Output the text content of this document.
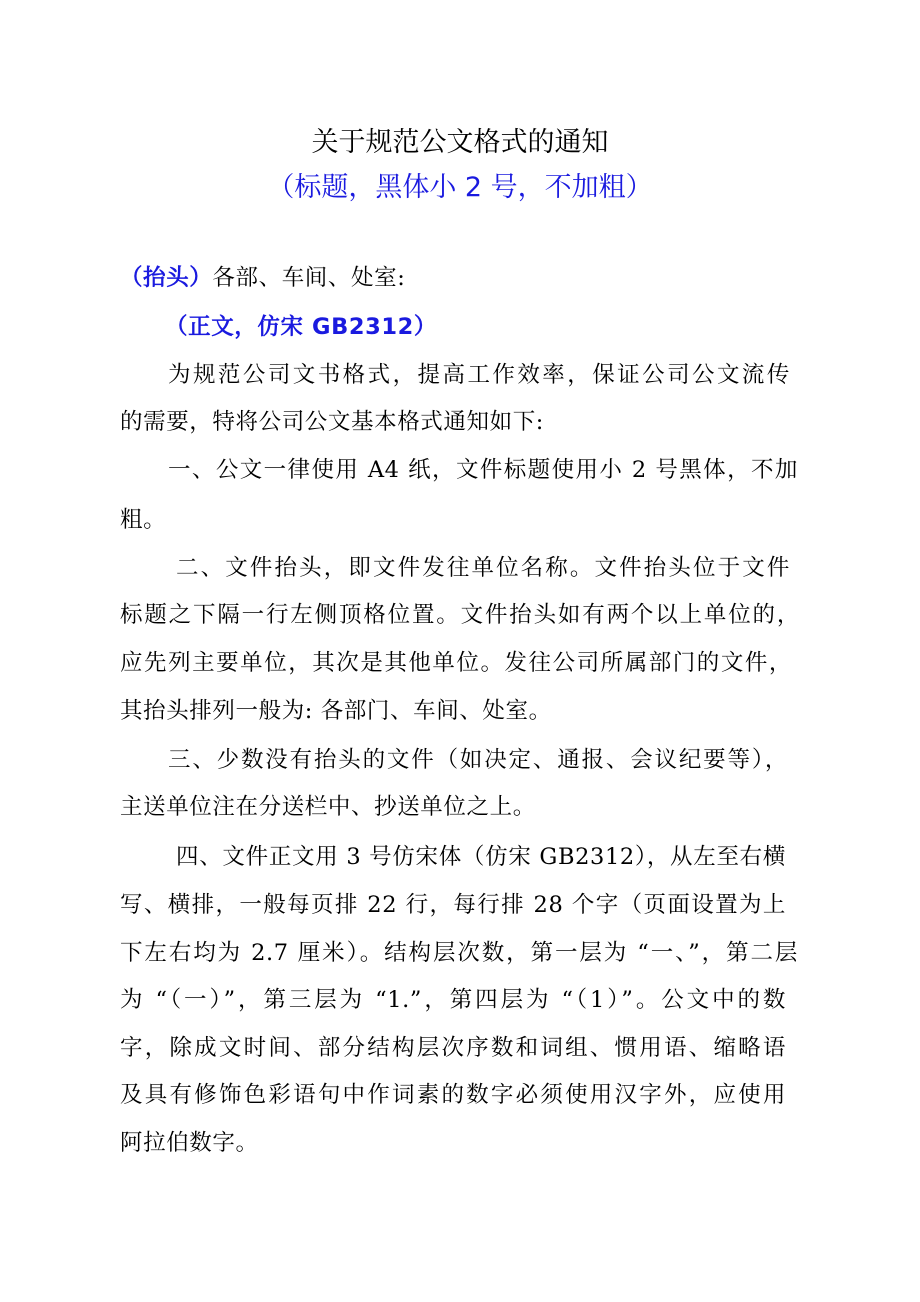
关于规范公文格式的通知
（标题，黑体小 2 号，不加粗）
（抬头）各部、车间、处室:
（正文，仿宋 GB2312）
为规范公司文书格式，提高工作效率，保证公司公文流传
的需要，特将公司公文基本格式通知如下:
一、公文一律使用 A4 纸，文件标题使用小 2 号黑体，不加
粗。
二、文件抬头，即文件发往单位名称。文件抬头位于文件
标题之下隔一行左侧顶格位置。文件抬头如有两个以上单位的，
应先列主要单位，其次是其他单位。发往公司所属部门的文件，
其抬头排列一般为: 各部门、车间、处室。
三、少数没有抬头的文件（如决定、通报、会议纪要等），
主送单位注在分送栏中、抄送单位之上。
四、文件正文用 3 号仿宋体（仿宋 GB2312），从左至右横
写、横排，一般每页排 22 行，每行排 28 个字（页面设置为上
下左右均为 2.7 厘米）。结构层次数，第一层为 “一、”，第二层
为 “（一）”，第三层为 “1.”，第四层为 “（1）”。公文中的数
字，除成文时间、部分结构层次序数和词组、惯用语、缩略语
及具有修饰色彩语句中作词素的数字必须使用汉字外，应使用
阿拉伯数字。
